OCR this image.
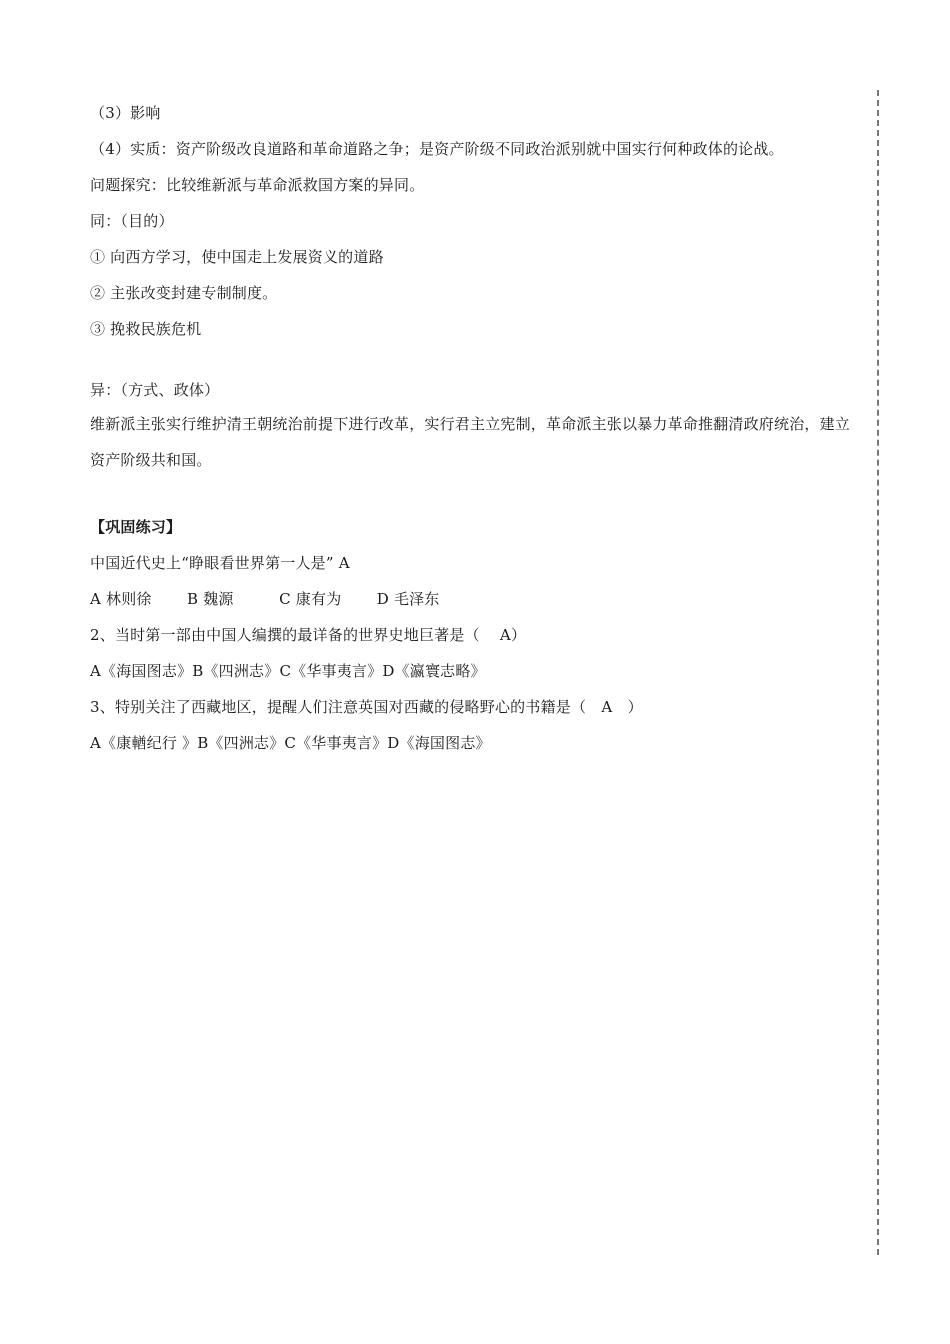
（3）影响
（4）实质：资产阶级改良道路和革命道路之争；是资产阶级不同政治派别就中国实行何种政体的论战。
问题探究：比较维新派与革命派救国方案的异同。
同：（目的）
① 向西方学习，使中国走上发展资义的道路
② 主张改变封建专制制度。
③ 挽救民族危机
异：（方式、政体）
维新派主张实行维护清王朝统治前提下进行改革，实行君主立宪制，革命派主张以暴力革命推翻清政府统治，建立资产阶级共和国。
【巩固练习】
中国近代史上“睁眼看世界第一人是” A
A 林则徐　　 B 魏源　　　C 康有为　　 D 毛泽东
2、当时第一部由中国人编撰的最详备的世界史地巨著是（　 A）
A《海国图志》B《四洲志》C《华事夷言》D《瀛寰志略》
3、特别关注了西藏地区，提醒人们注意英国对西藏的侵略野心的书籍是（　A　）
A《康輶纪行 》B《四洲志》C《华事夷言》D《海国图志》
